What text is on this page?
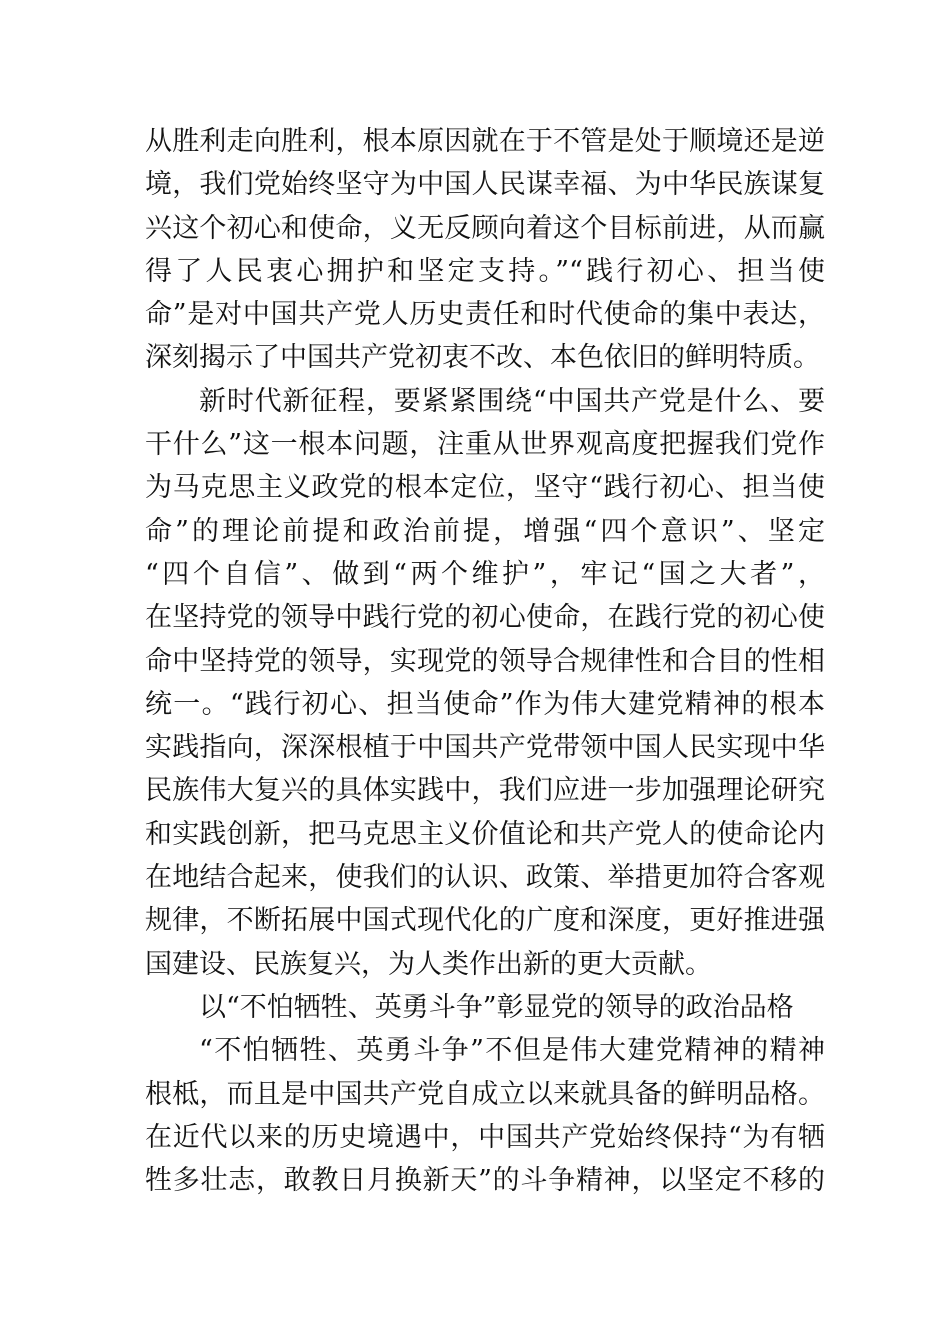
从胜利走向胜利，根本原因就在于不管是处于顺境还是逆
境，我们党始终坚守为中国人民谋幸福、为中华民族谋复
兴这个初心和使命，义无反顾向着这个目标前进，从而赢
得了人民衷心拥护和坚定支持。”“践行初心、担当使
命”是对中国共产党人历史责任和时代使命的集中表达，
深刻揭示了中国共产党初衷不改、本色依旧的鲜明特质。
新时代新征程，要紧紧围绕“中国共产党是什么、要
干什么”这一根本问题，注重从世界观高度把握我们党作
为马克思主义政党的根本定位，坚守“践行初心、担当使
命”的理论前提和政治前提，增强“四个意识”、坚定
“四个自信”、做到“两个维护”，牢记“国之大者”，
在坚持党的领导中践行党的初心使命，在践行党的初心使
命中坚持党的领导，实现党的领导合规律性和合目的性相
统一。“践行初心、担当使命”作为伟大建党精神的根本
实践指向，深深根植于中国共产党带领中国人民实现中华
民族伟大复兴的具体实践中，我们应进一步加强理论研究
和实践创新，把马克思主义价值论和共产党人的使命论内
在地结合起来，使我们的认识、政策、举措更加符合客观
规律，不断拓展中国式现代化的广度和深度，更好推进强
国建设、民族复兴，为人类作出新的更大贡献。
以“不怕牺牲、英勇斗争”彰显党的领导的政治品格
“不怕牺牲、英勇斗争”不但是伟大建党精神的精神
根柢，而且是中国共产党自成立以来就具备的鲜明品格。
在近代以来的历史境遇中，中国共产党始终保持“为有牺
牲多壮志，敢教日月换新天”的斗争精神，以坚定不移的
